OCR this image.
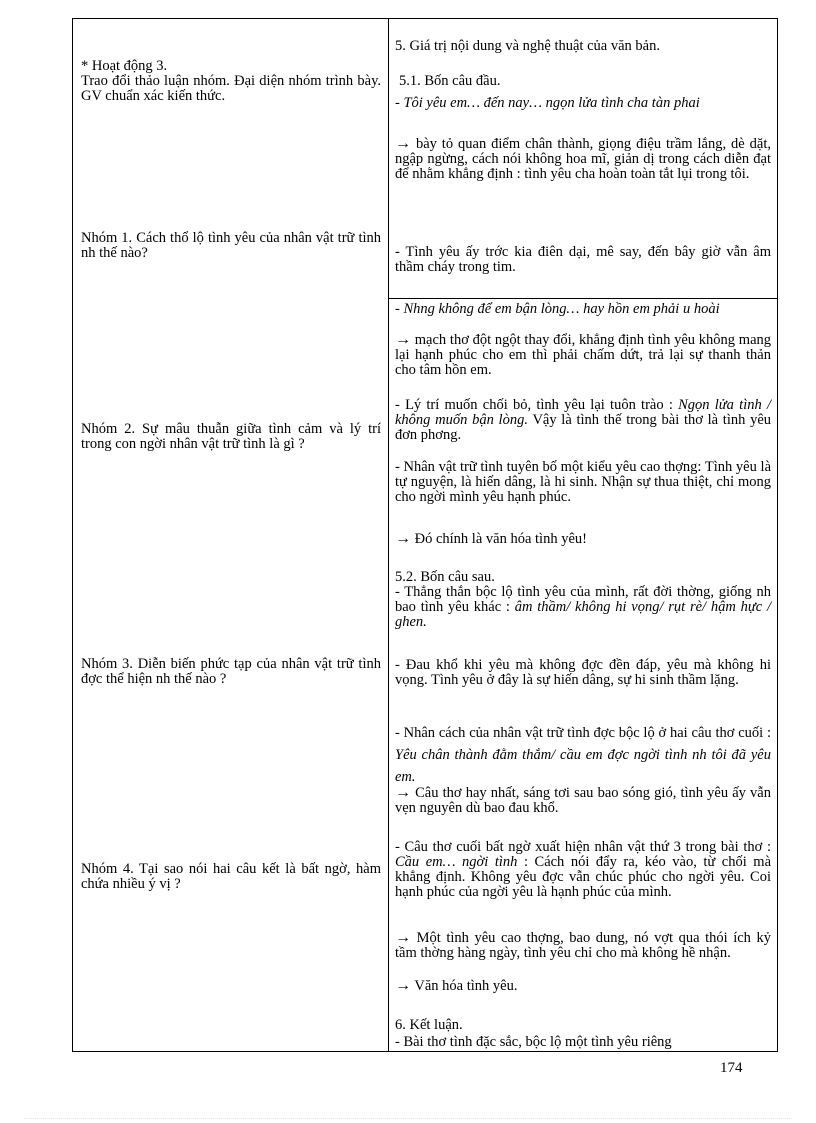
* Hoạt động 3.
Trao đổi thảo luận nhóm. Đại diện nhóm trình bày. GV chuẩn xác kiến thức.
Nhóm 1. Cách thổ lộ tình yêu của nhân vật trữ tình nh thế nào?
Nhóm 2. Sự mâu thuẫn giữa tình cảm và lý trí trong con ngời nhân vật trữ tình là gì ?
Nhóm 3. Diễn biến phức tạp của nhân vật trữ tình đợc thể hiện nh thế nào ?
Nhóm 4. Tại sao nói hai câu kết là bất ngờ, hàm chứa nhiều ý vị ?
5. Giá trị nội dung và nghệ thuật của văn bản.
5.1. Bốn câu đầu.
- Tôi yêu em… đến nay… ngọn lửa tình cha tàn phai
→ bày tỏ quan điểm chân thành, giọng điệu trầm lắng, dè dặt, ngập ngừng, cách nói không hoa mĩ, giản dị trong cách diễn đạt để nhằm khẳng định : tình yêu cha hoàn toàn tắt lụi trong tôi.
- Tình yêu ấy trớc kia điên dại, mê say, đến bây giờ vẫn âm thầm cháy trong tim.
- Nhng không để em bận lòng… hay hồn em phải u hoài
→ mạch thơ đột ngột thay đổi, khẳng định tình yêu không mang lại hạnh phúc cho em thì phải chấm dứt, trả lại sự thanh thản cho tâm hồn em.
- Lý trí muốn chối bỏ, tình yêu lại tuôn trào : Ngọn lửa tình / không muốn bận lòng. Vậy là tình thế trong bài thơ là tình yêu đơn phơng.
- Nhân vật trữ tình tuyên bố một kiểu yêu cao thợng: Tình yêu là tự nguyện, là hiến dâng, là hi sinh. Nhận sự thua thiệt, chỉ mong cho ngời mình yêu hạnh phúc.
→ Đó chính là văn hóa tình yêu!
5.2. Bốn câu sau.
- Thẳng thắn bộc lộ tình yêu của mình, rất đời thờng, giống nh bao tình yêu khác : âm thầm/ không hi vọng/ rụt rè/ hậm hực / ghen.
- Đau khổ khi yêu mà không đợc đền đáp, yêu mà không hi vọng. Tình yêu ở đây là sự hiến dâng, sự hi sinh thầm lặng.
- Nhân cách của nhân vật trữ tình đợc bộc lộ ở hai câu thơ cuối : Yêu chân thành đằm thắm/ cầu em đợc ngời tình nh tôi đã yêu em.
→ Câu thơ hay nhất, sáng tơi sau bao sóng gió, tình yêu ấy vẫn vẹn nguyên dù bao đau khổ.
- Câu thơ cuối bất ngờ xuất hiện nhân vật thứ 3 trong bài thơ : Cầu em… ngời tình : Cách nói đẩy ra, kéo vào, từ chối mà khẳng định. Không yêu đợc vẫn chúc phúc cho ngời yêu. Coi hạnh phúc của ngời yêu là hạnh phúc của mình.
→ Một tình yêu cao thợng, bao dung, nó vợt qua thói ích kỷ tầm thờng hàng ngày, tình yêu chỉ cho mà không hề nhận.
→ Văn hóa tình yêu.
6. Kết luận.
- Bài thơ tình đặc sắc, bộc lộ một tình yêu riêng
174
